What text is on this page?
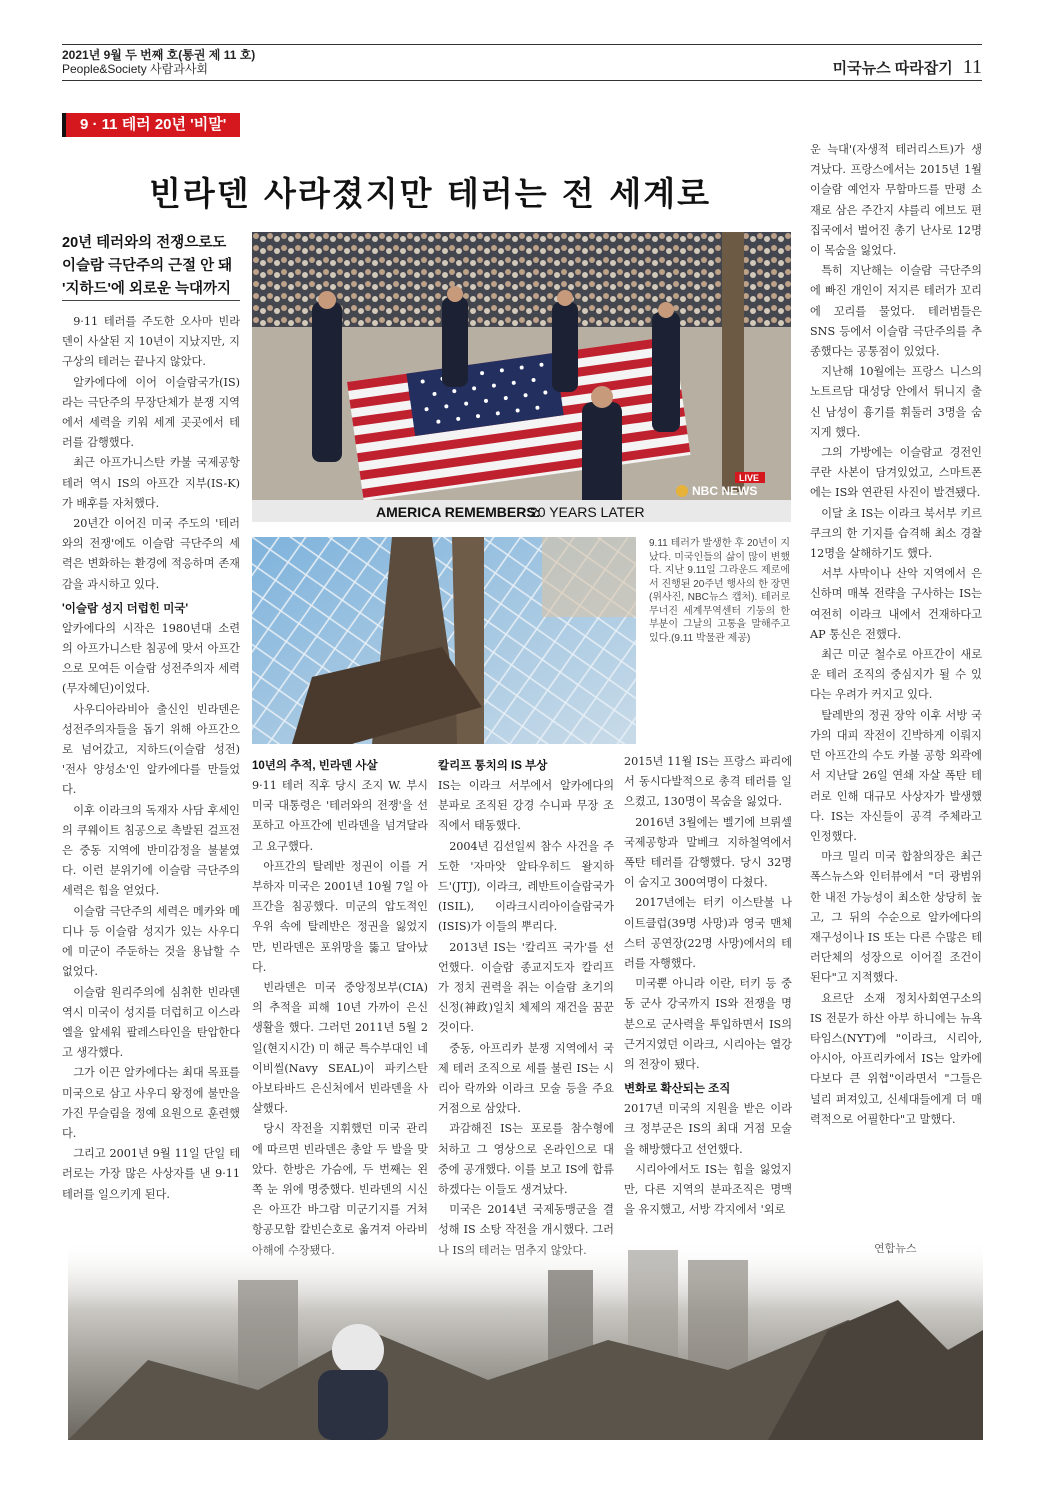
2021년 9월 두 번째 호(통권 제 11 호)
People&Society 사람과사회	미국뉴스 따라잡기 11
9 · 11 테러 20년 '비말'
빈라덴 사라졌지만 테러는 전 세계로
20년 테러와의 전쟁으로도
이슬람 극단주의 근절 안 돼
'지하드'에 외로운 늑대까지
AMERICA REMEMBERS:
20 YEARS LATER
LIVE
NBC NEWS
9.11 테러가 발생한 후 20년이 지났다. 미국인들의 삶이 많이 변했다. 지난 9.11일 그라운드 제로에서 진행된 20주년 행사의 한 장면(위사진, NBC뉴스 캡처). 테러로 무너진 세계무역센터 기둥의 한 부분이 그날의 고통을 말해주고 있다.(9.11 박물관 제공)

9·11 테러를 주도한 오사마 빈라덴이 사살된 지 10년이 지났지만, 지구상의 테러는 끝나지 않았다.

알카에다에 이어 이슬람국가(IS)라는 극단주의 무장단체가 분쟁 지역에서 세력을 키워 세계 곳곳에서 테러를 감행했다.

최근 아프가니스탄 카불 국제공항 테러 역시 IS의 아프간 지부(IS-K)가 배후를 자처했다.

20년간 이어진 미국 주도의 '테러와의 전쟁'에도 이슬람 극단주의 세력은 변화하는 환경에 적응하며 존재감을 과시하고 있다.

'이슬람 성지 더럽힌 미국'

알카에다의 시작은 1980년대 소련의 아프가니스탄 침공에 맞서 아프간으로 모여든 이슬람 성전주의자 세력(무자헤딘)이었다.

사우디아라비아 출신인 빈라덴은 성전주의자들을 돕기 위해 아프간으로 넘어갔고, 지하드(이슬람 성전) '전사 양성소'인 알카에다를 만들었다.

이후 이라크의 독재자 사담 후세인의 쿠웨이트 침공으로 촉발된 걸프전은 중동 지역에 반미감정을 불붙였다. 이런 분위기에 이슬람 극단주의 세력은 힘을 얻었다.

이슬람 극단주의 세력은 메카와 메디나 등 이슬람 성지가 있는 사우디에 미군이 주둔하는 것을 용납할 수 없었다.

이슬람 원리주의에 심취한 빈라덴 역시 미국이 성지를 더럽히고 이스라엘을 앞세워 팔레스타인을 탄압한다고 생각했다.

그가 이끈 알카에다는 최대 목표를 미국으로 삼고 사우디 왕정에 불만을 가진 무슬림을 정예 요원으로 훈련했다.

그리고 2001년 9월 11일 단일 테러로는 가장 많은 사상자를 낸 9·11 테러를 일으키게 된다.

10년의 추적, 빈라덴 사살

9·11 테러 직후 당시 조지 W. 부시 미국 대통령은 '테러와의 전쟁'을 선포하고 아프간에 빈라덴을 넘겨달라고 요구했다.

아프간의 탈레반 정권이 이를 거부하자 미국은 2001년 10월 7일 아프간을 침공했다. 미군의 압도적인 우위 속에 탈레반은 정권을 잃었지만, 빈라덴은 포위망을 뚫고 달아났다.

빈라덴은 미국 중앙정보부(CIA)의 추적을 피해 10년 가까이 은신 생활을 했다. 그러던 2011년 5월 2일(현지시간) 미 해군 특수부대인 네이비씰(Navy SEAL)이 파키스탄 아보타바드 은신처에서 빈라덴을 사살했다.

당시 작전을 지휘했던 미국 관리에 따르면 빈라덴은 총알 두 발을 맞았다. 한방은 가슴에, 두 번째는 왼쪽 눈 위에 명중했다. 빈라덴의 시신은 아프간 바그람 미군기지를 거쳐 항공모함 칼빈슨호로 옮겨져 아라비

칼리프 통치의 IS 부상

IS는 이라크 서부에서 알카에다의 분파로 조직된 강경 수니파 무장 조직에서 태동했다.

2004년 김선일씨 참수 사건을 주도한 '자마앗 알타우히드 왈지하드'(JTJ), 이라크, 레반트이슬람국가(ISIL), 이라크시리아이슬람국가(ISIS)가 이들의 뿌리다.

2013년 IS는 '칼리프 국가'를 선언했다. 이슬람 종교지도자 칼리프가 정치 권력을 쥐는 이슬람 초기의 신정(神政)일치 체제의 재건을 꿈꾼 것이다.

중동, 아프리카 분쟁 지역에서 국제 테러 조직으로 세를 불린 IS는 시리아 락까와 이라크 모술 등을 주요 거점으로 삼았다.

과감해진 IS는 포로를 참수형에 처하고 그 영상으로 온라인으로 대중에 공개했다. 이를 보고 IS에 합류하겠다는 이들도 생겨났다.

미국은 2014년 국제동맹군을 결성해 IS 소탕 작전을 개시했다. 그러

2015년 11월 IS는 프랑스 파리에서 동시다발적으로 총격 테러를 일으켰고, 130명이 목숨을 잃었다.

2016년 3월에는 벨기에 브뤼셀 국제공항과 말베크 지하철역에서 폭탄 테러를 감행했다. 당시 32명이 숨지고 300여명이 다쳤다.

2017년에는 터키 이스탄불 나이트클럽(39명 사망)과 영국 맨체스터 공연장(22명 사망)에서의 테러를 자행했다.

미국뿐 아니라 이란, 터키 등 중동 군사 강국까지 IS와 전쟁을 명분으로 군사력을 투입하면서 IS의 근거지였던 이라크, 시리아는 열강의 전장이 됐다.

변화로 확산되는 조직

2017년 미국의 지원을 받은 이라크 정부군은 IS의 최대 거점 모술을 해방했다고 선언했다.

시리아에서도 IS는 힘을 잃었지만, 다른 지역의 분파조직은 명맥을 유지했고, 서방 각지에서 '외로

운 늑대'(자생적 테러리스트)가 생겨났다. 프랑스에서는 2015년 1월 이슬람 예언자 무함마드를 만평 소재로 삼은 주간지 샤를리 에브도 편집국에서 벌어진 총기 난사로 12명이 목숨을 잃었다.

특히 지난해는 이슬람 극단주의에 빠진 개인이 저지른 테러가 꼬리에 꼬리를 물었다. 테러범들은 SNS 등에서 이슬람 극단주의를 추종했다는 공통점이 있었다.

지난해 10월에는 프랑스 니스의 노트르담 대성당 안에서 튀니지 출신 남성이 흉기를 휘둘러 3명을 숨지게 했다.

그의 가방에는 이슬람교 경전인 쿠란 사본이 담겨있었고, 스마트폰에는 IS와 연관된 사진이 발견됐다.

이달 초 IS는 이라크 북서부 키르쿠크의 한 기지를 습격해 최소 경찰 12명을 살해하기도 했다.

서부 사막이나 산악 지역에서 은신하며 매복 전략을 구사하는 IS는 여전히 이라크 내에서 건재하다고 AP 통신은 전했다.

최근 미군 철수로 아프간이 새로운 테러 조직의 중심지가 될 수 있다는 우려가 커지고 있다.

탈레반의 정권 장악 이후 서방 국가의 대피 작전이 긴박하게 이뤄지던 아프간의 수도 카불 공항 외곽에서 지난달 26일 연쇄 자살 폭탄 테러로 인해 대규모 사상자가 발생했다. IS는 자신들이 공격 주체라고 인정했다.

마크 밀리 미국 합참의장은 최근 폭스뉴스와 인터뷰에서 "더 광범위한 내전 가능성이 최소한 상당히 높고, 그 뒤의 수순으로 알카에다의 재구성이나 IS 또는 다른 수많은 테러단체의 성장으로 이어질 조건이 된다"고 지적했다.

요르단 소재 정치사회연구소의 IS 전문가 하산 아부 하니에는 뉴욕타임스(NYT)에 "이라크, 시리아, 아시아, 아프리카에서 IS는 알카에다보다 큰 위협"이라면서 "그들은 널리 퍼져있고, 신세대들에게 더 매력적으로 어필한다"고 말했다.

연합뉴스
